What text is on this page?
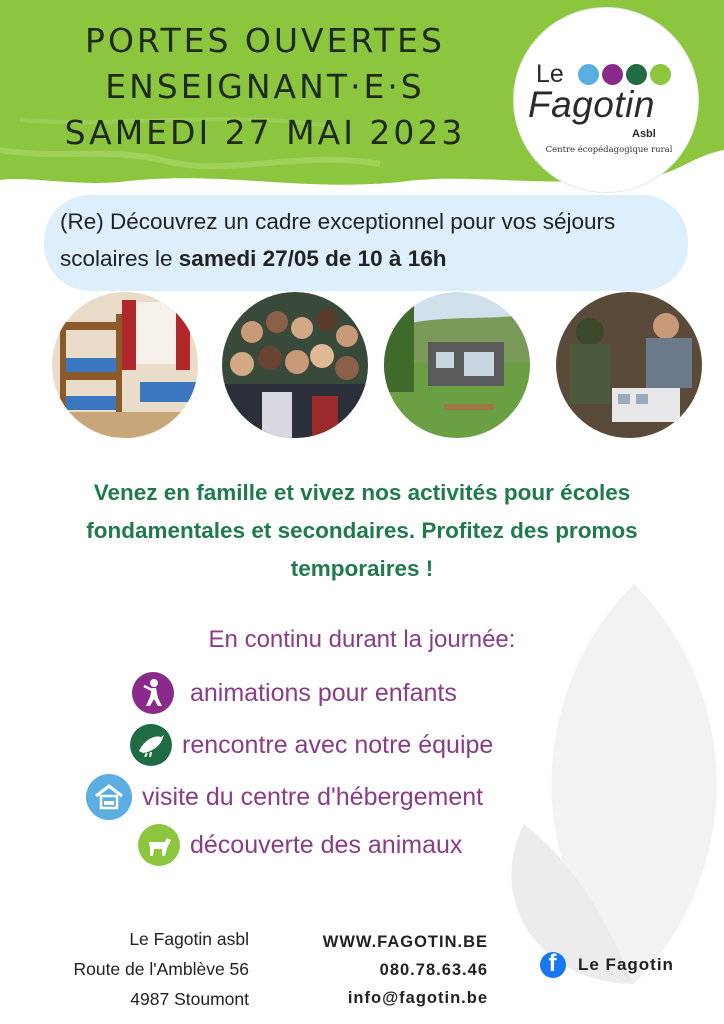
PORTES OUVERTES
ENSEIGNANT·E·S
SAMEDI 27 MAI 2023
Le
Fagotin
Asbl
Centre écopédagogique rural

(Re) Découvrez un cadre exceptionnel pour vos séjours scolaires le samedi 27/05 de 10 à 16h

Venez en famille et vivez nos activités pour écoles fondamentales et secondaires. Profitez des promos temporaires !
En continu durant la journée:
animations pour enfants
rencontre avec notre équipe
visite du centre d'hébergement
découverte des animaux
Le Fagotin asbl
Route de l'Amblève 56
4987 Stoumont
WWW.FAGOTIN.BE
080.78.63.46
info@fagotin.be
f	Le Fagotin
